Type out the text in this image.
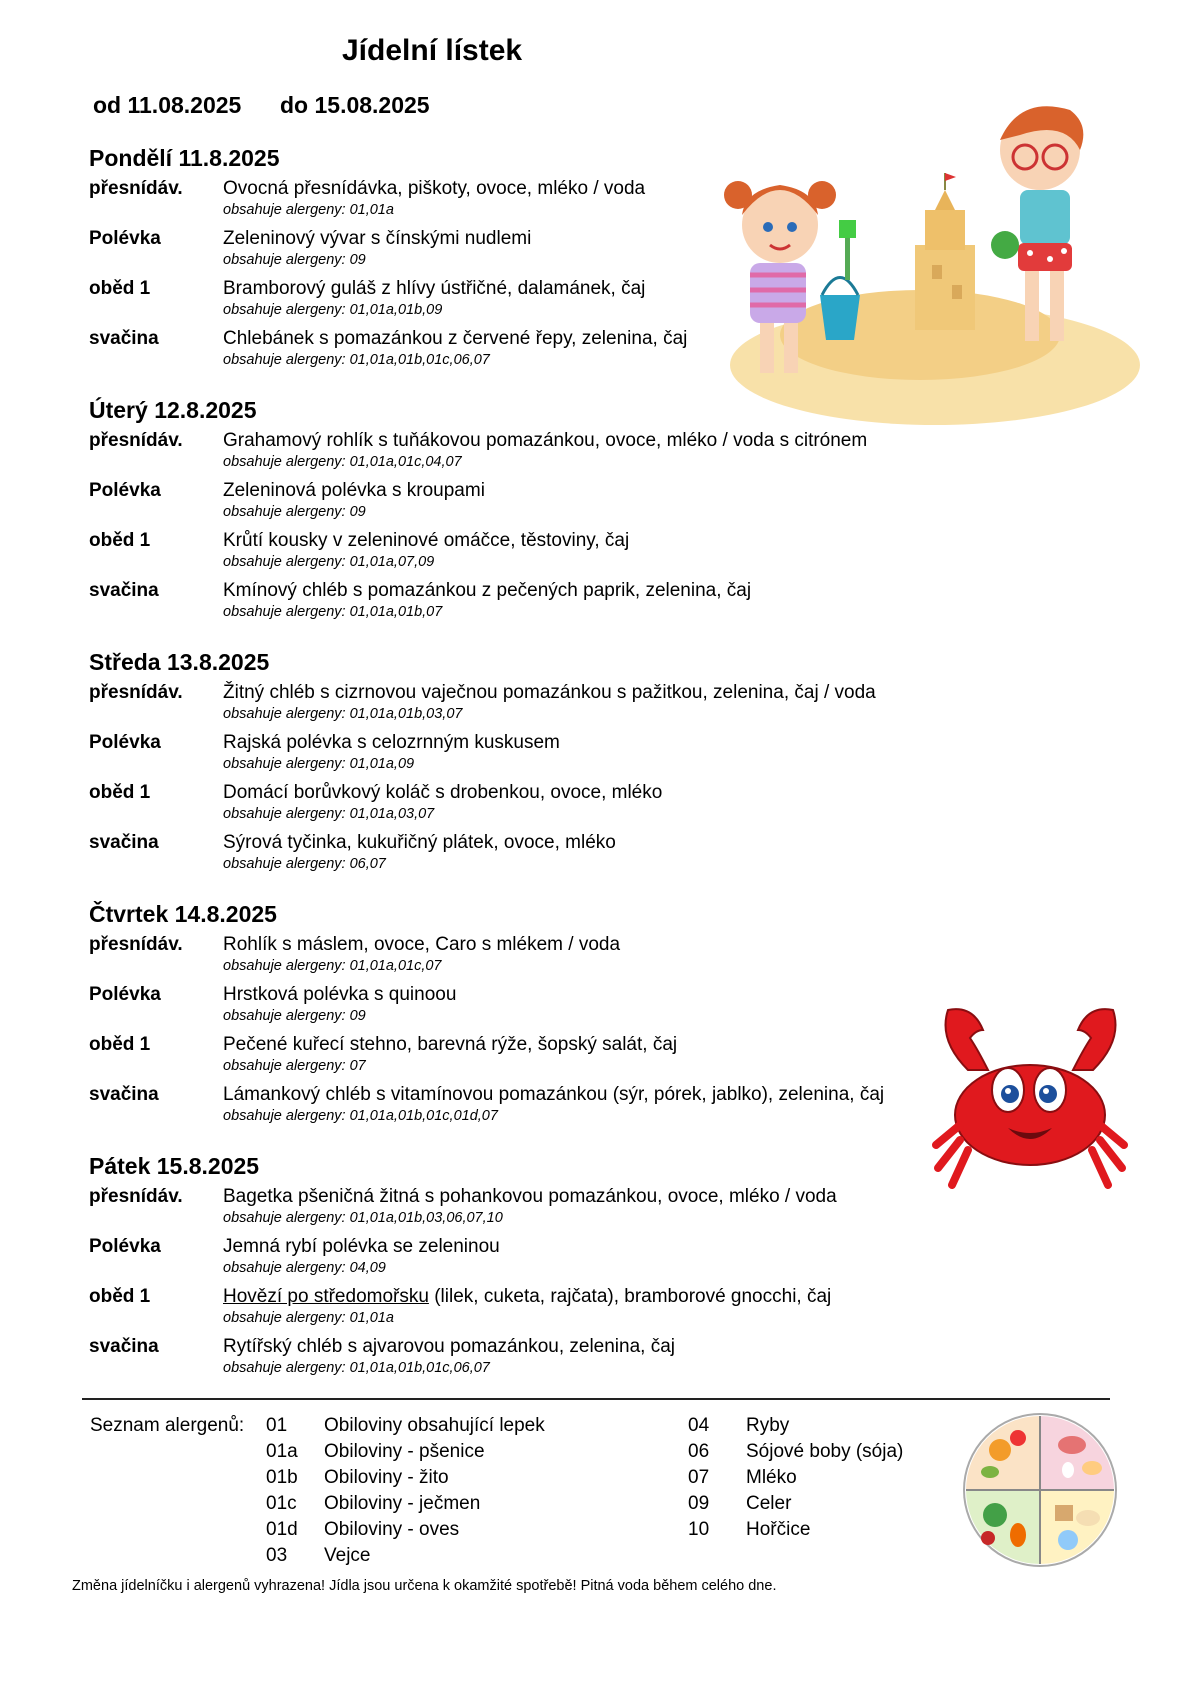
Jídelní lístek
od 11.08.2025 do 15.08.2025
Pondělí 11.8.2025
přesnídáv. Ovocná přesnídávka, piškoty, ovoce, mléko / voda
obsahuje alergeny: 01,01a
Polévka	Zeleninový vývar s čínskými nudlemi
obsahuje alergeny: 09
oběd 1	Bramborový guláš z hlívy ústřičné, dalamánek, čaj
obsahuje alergeny: 01,01a,01b,09
svačina	Chlebánek s pomazánkou z červené řepy, zelenina, čaj
obsahuje alergeny: 01,01a,01b,01c,06,07
Úterý 12.8.2025
přesnídáv. Grahamový rohlík s tuňákovou pomazánkou, ovoce, mléko / voda s citrónem
obsahuje alergeny: 01,01a,01c,04,07
Polévka	Zeleninová polévka s kroupami
obsahuje alergeny: 09
oběd 1	Krůtí kousky v zeleninové omáčce, těstoviny, čaj
obsahuje alergeny: 01,01a,07,09
svačina	Kmínový chléb s pomazánkou z pečených paprik, zelenina, čaj
obsahuje alergeny: 01,01a,01b,07
Středa 13.8.2025
přesnídáv. Žitný chléb s cizrnovou vaječnou pomazánkou s pažitkou, zelenina, čaj / voda
obsahuje alergeny: 01,01a,01b,03,07
Polévka	Rajská polévka s celozrnným kuskusem
obsahuje alergeny: 01,01a,09
oběd 1	Domácí borůvkový koláč s drobenkou, ovoce, mléko
obsahuje alergeny: 01,01a,03,07
svačina	Sýrová tyčinka, kukuřičný plátek, ovoce, mléko
obsahuje alergeny: 06,07
Čtvrtek 14.8.2025
přesnídáv. Rohlík s máslem, ovoce, Caro s mlékem / voda
obsahuje alergeny: 01,01a,01c,07
Polévka	Hrstková polévka s quinoou
obsahuje alergeny: 09
oběd 1	Pečené kuřecí stehno, barevná rýže, šopský salát, čaj
obsahuje alergeny: 07
svačina	Lámankový chléb s vitamínovou pomazánkou (sýr, pórek, jablko), zelenina, čaj
obsahuje alergeny: 01,01a,01b,01c,01d,07
Pátek 15.8.2025
přesnídáv. Bagetka pšeničná žitná s pohankovou pomazánkou, ovoce, mléko / voda
obsahuje alergeny: 01,01a,01b,03,06,07,10
Polévka	Jemná rybí polévka se zeleninou
obsahuje alergeny: 04,09
oběd 1	Hovězí po středomořsku (lilek, cuketa, rajčata), bramborové gnocchi, čaj
obsahuje alergeny: 01,01a
svačina	Rytířský chléb s ajvarovou pomazánkou, zelenina, čaj
obsahuje alergeny: 01,01a,01b,01c,06,07
Seznam alergenů: 01 Obiloviny obsahující lepek
01a Obiloviny - pšenice
01b Obiloviny - žito
01c Obiloviny - ječmen
01d Obiloviny - oves
03 Vejce
04 Ryby
06 Sójové boby (sója)
07 Mléko
09 Celer
10 Hořčice
Změna jídelníčku i alergenů vyhrazena! Jídla jsou určena k okamžité spotřebě! Pitná voda během celého dne.
